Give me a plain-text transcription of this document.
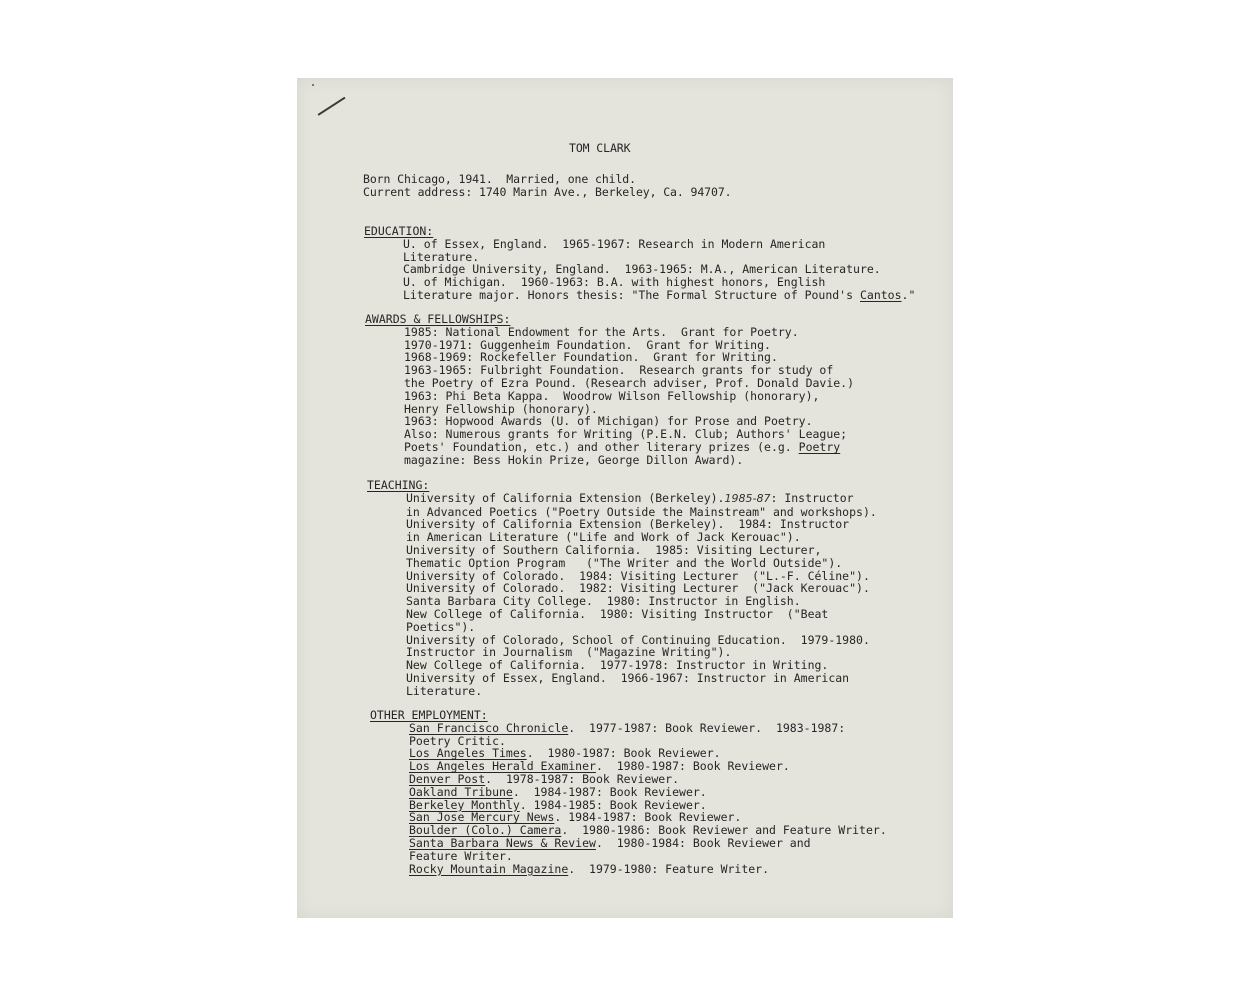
TOM CLARK
Born Chicago, 1941.  Married, one child.
Current address: 1740 Marin Ave., Berkeley, Ca. 94707.
EDUCATION:
U. of Essex, England.  1965-1967: Research in Modern American
Literature.
Cambridge University, England.  1963-1965: M.A., American Literature.
U. of Michigan.  1960-1963: B.A. with highest honors, English
Literature major. Honors thesis: "The Formal Structure of Pound's Cantos."
AWARDS & FELLOWSHIPS:
1985: National Endowment for the Arts.  Grant for Poetry.
1970-1971: Guggenheim Foundation.  Grant for Writing.
1968-1969: Rockefeller Foundation.  Grant for Writing.
1963-1965: Fulbright Foundation.  Research grants for study of
the Poetry of Ezra Pound. (Research adviser, Prof. Donald Davie.)
1963: Phi Beta Kappa.  Woodrow Wilson Fellowship (honorary),
Henry Fellowship (honorary).
1963: Hopwood Awards (U. of Michigan) for Prose and Poetry.
Also: Numerous grants for Writing (P.E.N. Club; Authors' League;
Poets' Foundation, etc.) and other literary prizes (e.g. Poetry
magazine: Bess Hokin Prize, George Dillon Award).
TEACHING:
University of California Extension (Berkeley).1985-87: Instructor
in Advanced Poetics ("Poetry Outside the Mainstream" and workshops).
University of California Extension (Berkeley).  1984: Instructor
in American Literature ("Life and Work of Jack Kerouac").
University of Southern California.  1985: Visiting Lecturer,
Thematic Option Program   ("The Writer and the World Outside").
University of Colorado.  1984: Visiting Lecturer  ("L.-F. Céline").
University of Colorado.  1982: Visiting Lecturer  ("Jack Kerouac").
Santa Barbara City College.  1980: Instructor in English.
New College of California.  1980: Visiting Instructor  ("Beat
Poetics").
University of Colorado, School of Continuing Education.  1979-1980.
Instructor in Journalism  ("Magazine Writing").
New College of California.  1977-1978: Instructor in Writing.
University of Essex, England.  1966-1967: Instructor in American
Literature.
OTHER EMPLOYMENT:
San Francisco Chronicle.  1977-1987: Book Reviewer.  1983-1987:
Poetry Critic.
Los Angeles Times.  1980-1987: Book Reviewer.
Los Angeles Herald Examiner.  1980-1987: Book Reviewer.
Denver Post.  1978-1987: Book Reviewer.
Oakland Tribune.  1984-1987: Book Reviewer.
Berkeley Monthly. 1984-1985: Book Reviewer.
San Jose Mercury News. 1984-1987: Book Reviewer.
Boulder (Colo.) Camera.  1980-1986: Book Reviewer and Feature Writer.
Santa Barbara News & Review.  1980-1984: Book Reviewer and
Feature Writer.
Rocky Mountain Magazine.  1979-1980: Feature Writer.
